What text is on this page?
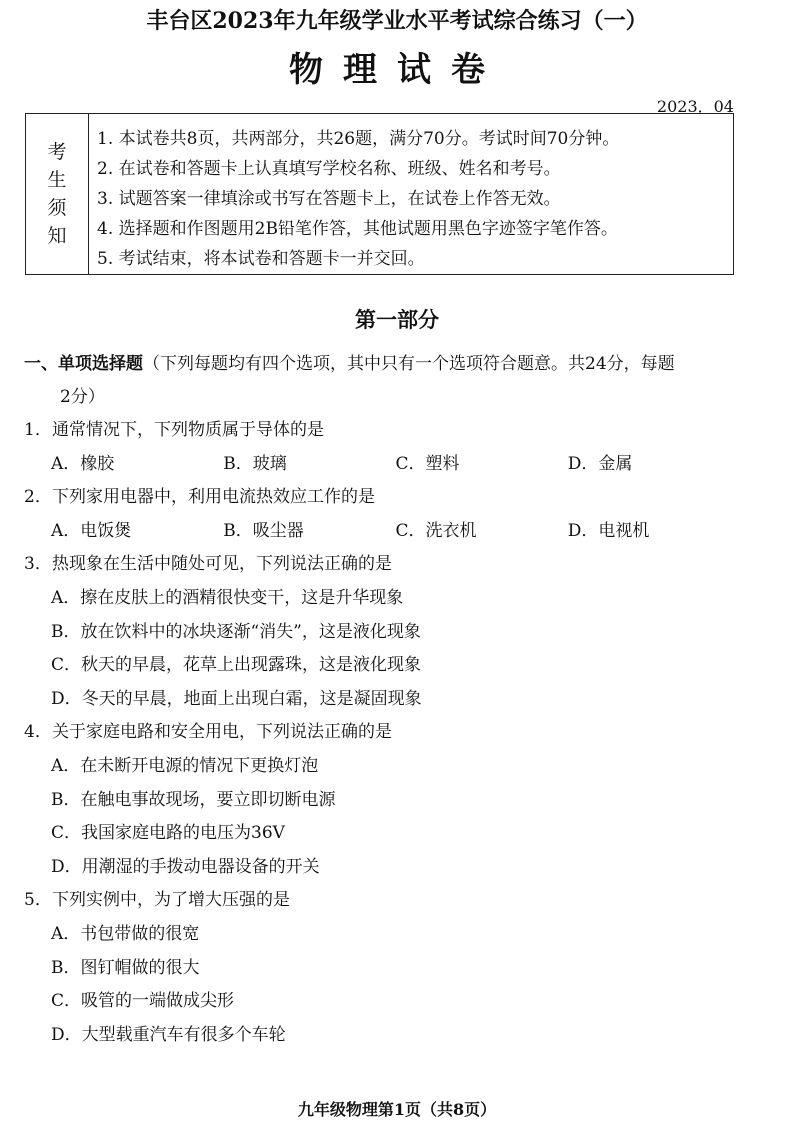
丰台区2023年九年级学业水平考试综合练习（一）
物理试卷
2023．04
考生须知
1. 本试卷共8页，共两部分，共26题，满分70分。考试时间70分钟。
2. 在试卷和答题卡上认真填写学校名称、班级、姓名和考号。
3. 试题答案一律填涂或书写在答题卡上，在试卷上作答无效。
4. 选择题和作图题用2B铅笔作答，其他试题用黑色字迹签字笔作答。
5. 考试结束，将本试卷和答题卡一并交回。
第一部分
一、单项选择题（下列每题均有四个选项，其中只有一个选项符合题意。共24分，每题
2分）
1．通常情况下，下列物质属于导体的是
A．橡胶	B．玻璃	C．塑料	D．金属
2．下列家用电器中，利用电流热效应工作的是
A．电饭煲	B．吸尘器	C．洗衣机	D．电视机
3．热现象在生活中随处可见，下列说法正确的是
A．擦在皮肤上的酒精很快变干，这是升华现象
B．放在饮料中的冰块逐渐“消失”，这是液化现象
C．秋天的早晨，花草上出现露珠，这是液化现象
D．冬天的早晨，地面上出现白霜，这是凝固现象
4．关于家庭电路和安全用电，下列说法正确的是
A．在未断开电源的情况下更换灯泡
B．在触电事故现场，要立即切断电源
C．我国家庭电路的电压为36V
D．用潮湿的手拨动电器设备的开关
5．下列实例中，为了增大压强的是
A．书包带做的很宽
B．图钉帽做的很大
C．吸管的一端做成尖形
D．大型载重汽车有很多个车轮
九年级物理第1页（共8页）
